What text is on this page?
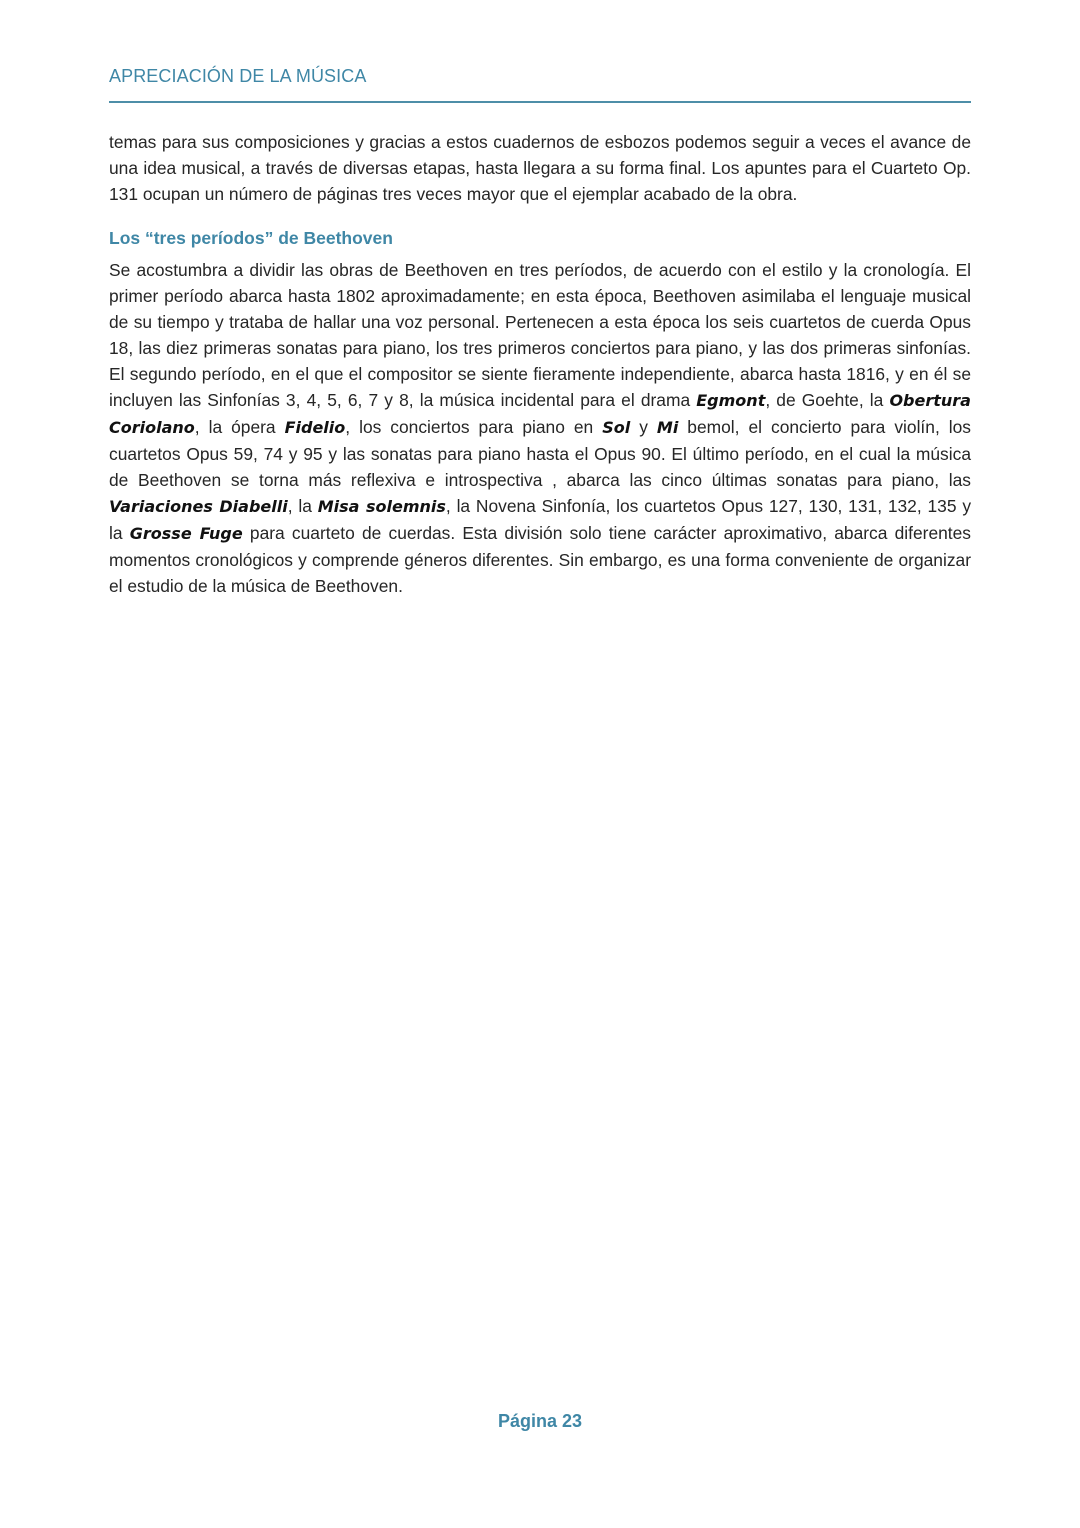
APRECIACIÓN DE LA MÚSICA

temas para sus composiciones y gracias a estos cuadernos de esbozos podemos seguir a veces el avance de una idea musical, a través de diversas etapas, hasta llegara a su forma final. Los apuntes para el Cuarteto Op. 131 ocupan un número de páginas tres veces mayor que el ejemplar acabado de la obra.

Los “tres períodos” de Beethoven

Se acostumbra a dividir las obras de Beethoven en tres períodos, de acuerdo con el estilo y la cronología. El primer período abarca hasta 1802 aproximadamente; en esta época, Beethoven asimilaba el lenguaje musical de su tiempo y trataba de hallar una voz personal. Pertenecen a esta época los seis cuartetos de cuerda Opus 18, las diez primeras sonatas para piano, los tres primeros conciertos para piano, y las dos primeras sinfonías. El segundo período, en el que el compositor se siente fieramente independiente, abarca hasta 1816, y en él se incluyen las Sinfonías 3, 4, 5, 6, 7 y 8, la música incidental para el drama Egmont, de Goehte, la Obertura Coriolano, la ópera Fidelio, los conciertos para piano en Sol y Mi bemol, el concierto para violín, los cuartetos Opus 59, 74 y 95 y las sonatas para piano hasta el Opus 90. El último período, en el cual la música de Beethoven se torna más reflexiva e introspectiva , abarca las cinco últimas sonatas para piano, las Variaciones Diabelli, la Misa solemnis, la Novena Sinfonía, los cuartetos Opus 127, 130, 131, 132, 135 y la Grosse Fuge para cuarteto de cuerdas. Esta división solo tiene carácter aproximativo, abarca diferentes momentos cronológicos y comprende géneros diferentes. Sin embargo, es una forma conveniente de organizar el estudio de la música de Beethoven.

Página 23
